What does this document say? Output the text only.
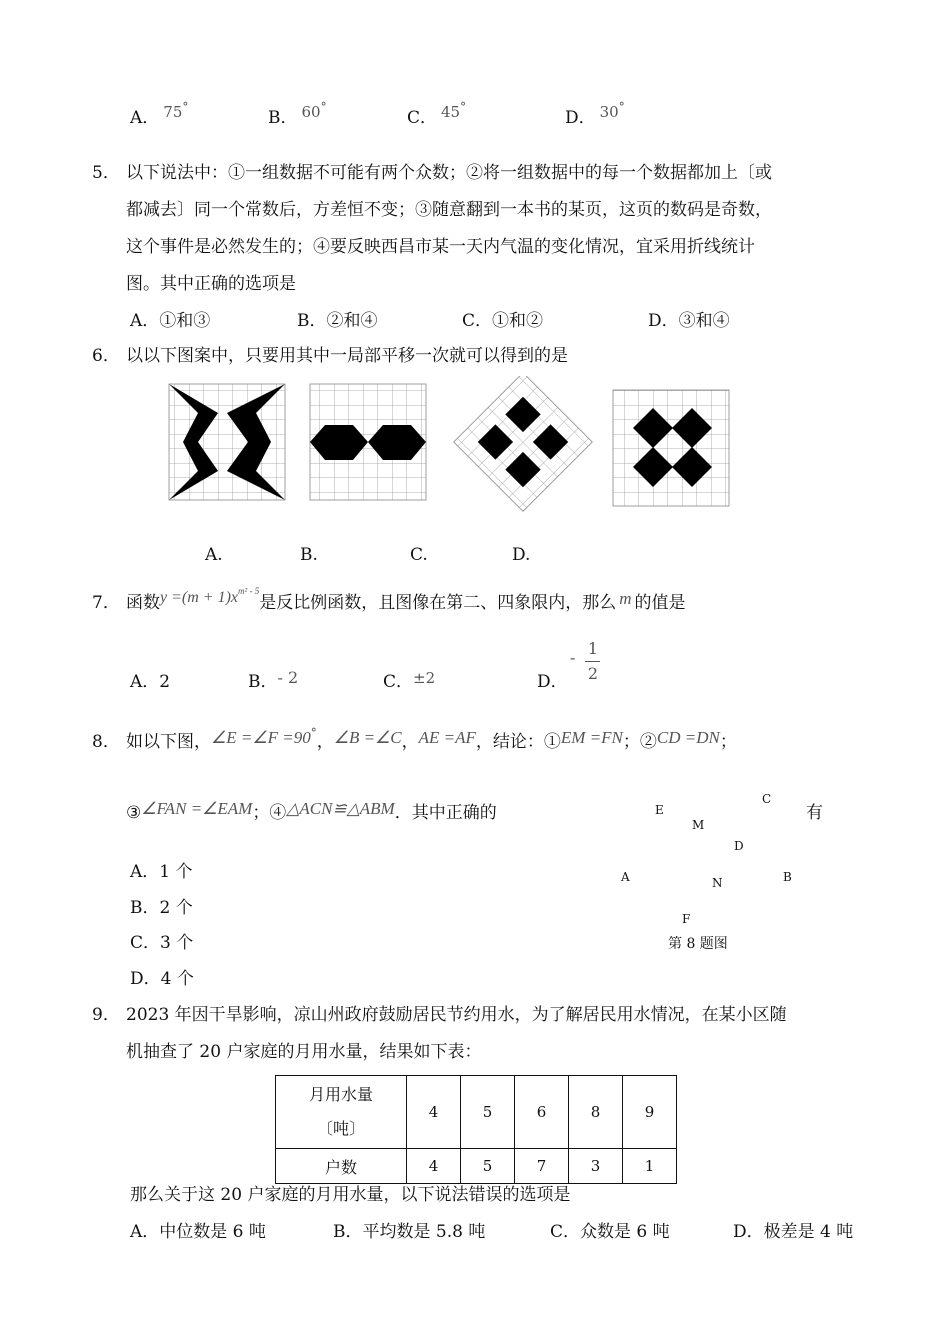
A． 75°
B． 60°
C． 45°
D． 30°
5． 以下说法中：①一组数据不可能有两个众数；②将一组数据中的每一个数据都加上〔或
都减去〕同一个常数后，方差恒不变；③随意翻到一本书的某页，这页的数码是奇数，
这个事件是必然发生的；④要反映西昌市某一天内气温的变化情况，宜采用折线统计
图。其中正确的选项是
A．①和③	B．②和④	C．①和②	D．③和④
6． 以以下图案中，只要用其中一局部平移一次就可以得到的是
A.	B.	C.	D.
7． 函数$y =(m + 1)x^{m^2 - 5}$是反比例函数，且图像在第二、四象限内，那么 m 的值是
A．2	B．- 2	C．±2	D．
- 1
2
8． 如以下图，∠E =∠F =90°，∠B =∠C，AE =AF，结论：①EM =FN；②CD =DN；
③∠FAN =∠EAM；④△ACN≌△ABM．其中正确的	有
A．1 个
B．2 个
C．3 个
D．4 个
C
E
M
D
A	N	B
F
第 8 题图
9． 2023 年因干旱影响，凉山州政府鼓励居民节约用水，为了解居民用水情况，在某小区随
机抽查了 20 户家庭的月用水量，结果如下表：
月用水量
〔吨〕	4	5	6	8	9
户数	4	5	7	3	1
那么关于这 20 户家庭的月用水量，以下说法错误的选项是
A．中位数是 6 吨	B．平均数是 5.8 吨	C．众数是 6 吨	D．极差是 4 吨
